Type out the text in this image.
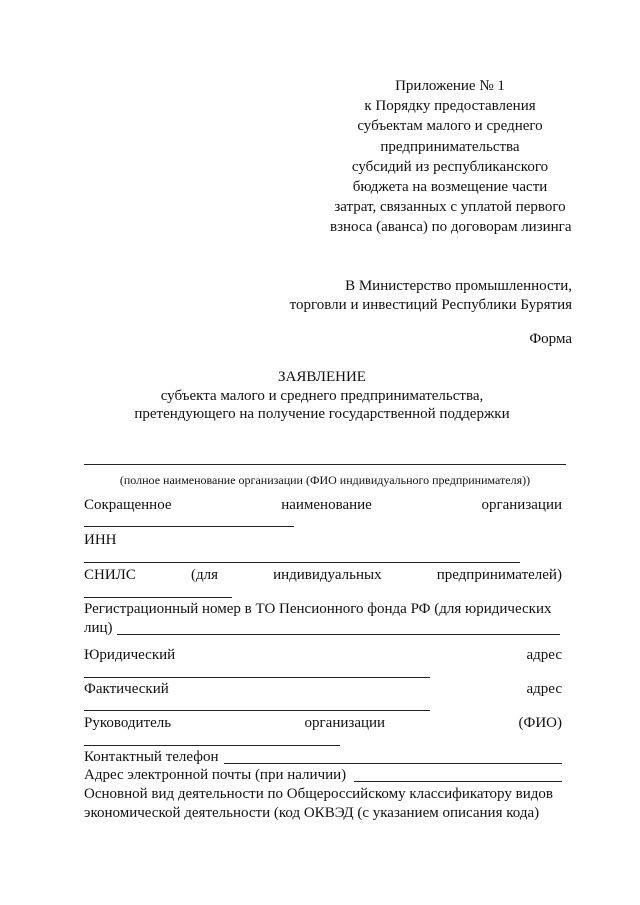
Приложение № 1
к Порядку предоставления
субъектам малого и среднего
предпринимательства
субсидий из республиканского
бюджета на возмещение части
затрат, связанных с уплатой первого
взноса (аванса) по договорам лизинга
В Министерство промышленности,
торговли и инвестиций Республики Бурятия
Форма
ЗАЯВЛЕНИЕ
субъекта малого и среднего предпринимательства,
претендующего на получение государственной поддержки
(полное наименование организации (ФИО индивидуального предпринимателя))
Сокращенное	наименование	организации
ИНН
СНИЛС	(для	индивидуальных	предпринимателей)
Регистрационный номер в ТО Пенсионного фонда РФ (для юридических
лиц)
Юридический	адрес
Фактический	адрес
Руководитель	организации	(ФИО)
Контактный телефон
Адрес электронной почты (при наличии)
Основной вид деятельности по Общероссийскому классификатору видов
экономической деятельности (код ОКВЭД (с указанием описания кода)
